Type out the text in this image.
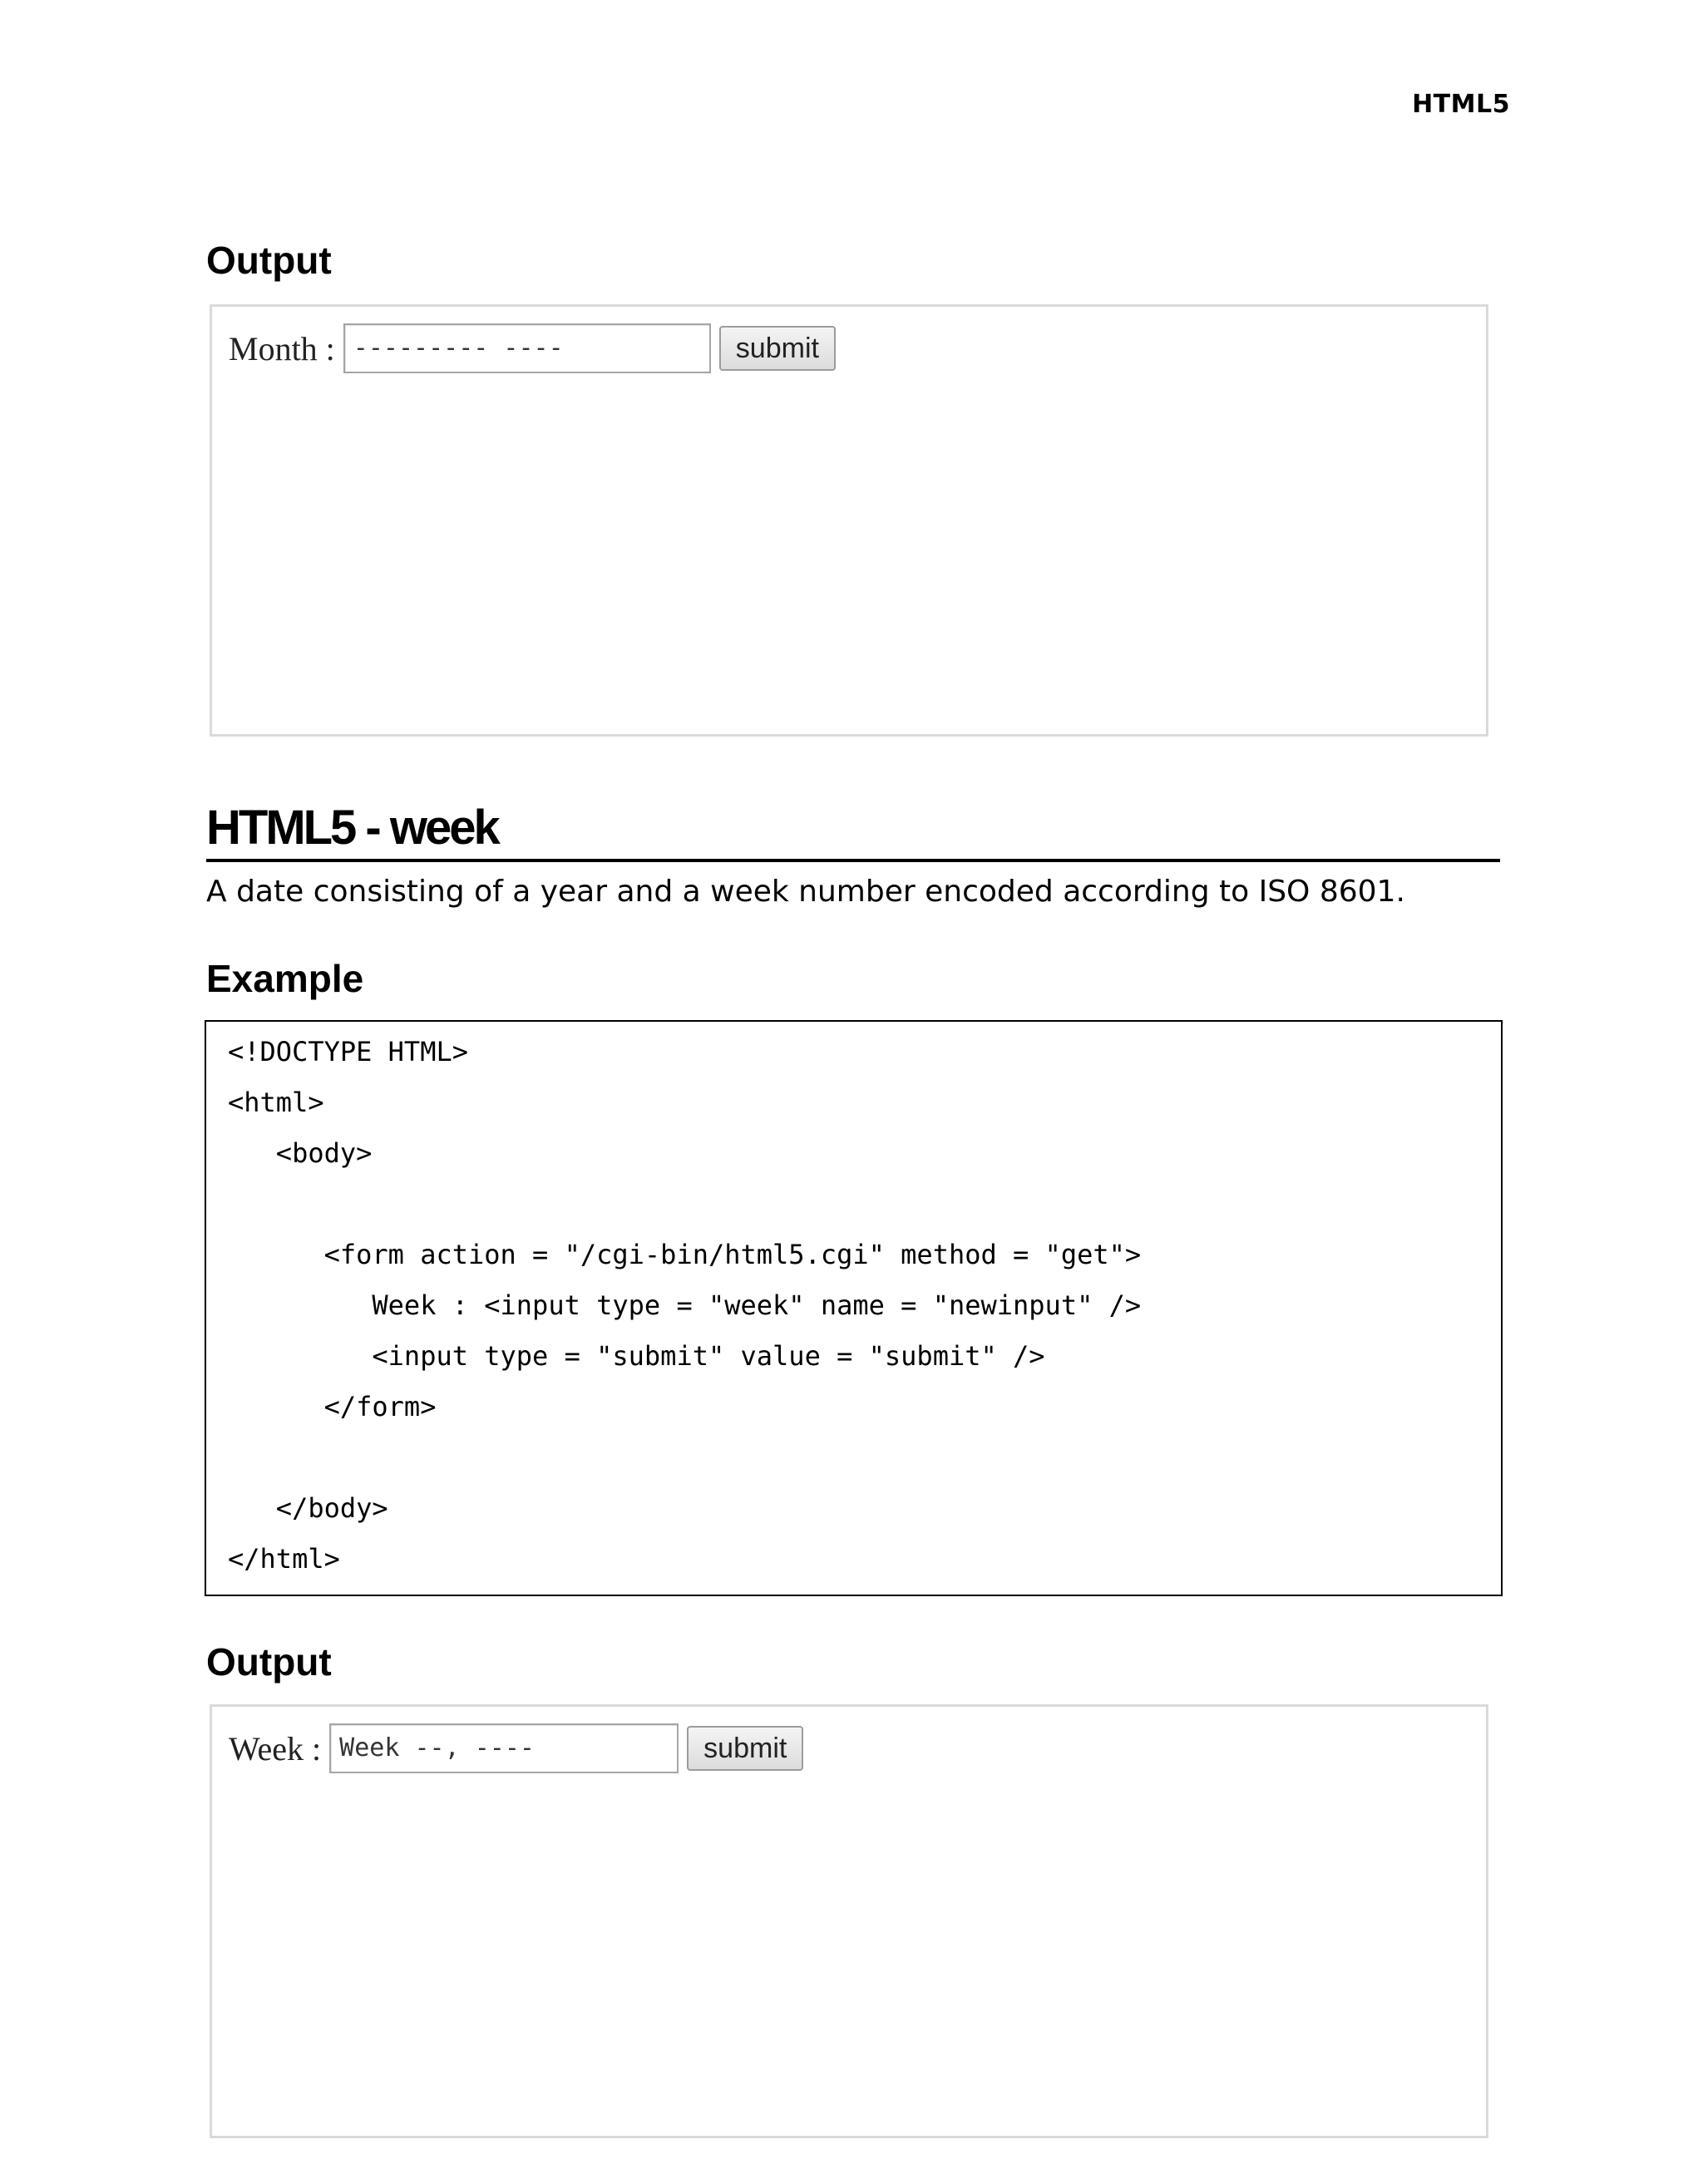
HTML5
Output
Month : --------- ----	submit
HTML5 - week

A date consisting of a year and a week number encoded according to ISO 8601.

Example
<!DOCTYPE HTML>
<html>
<body>
<form action = "/cgi-bin/html5.cgi" method = "get">
Week : <input type = "week" name = "newinput" />
<input type = "submit" value = "submit" />
</form>
</body>
</html>
Output
Week : Week --, ----	submit
